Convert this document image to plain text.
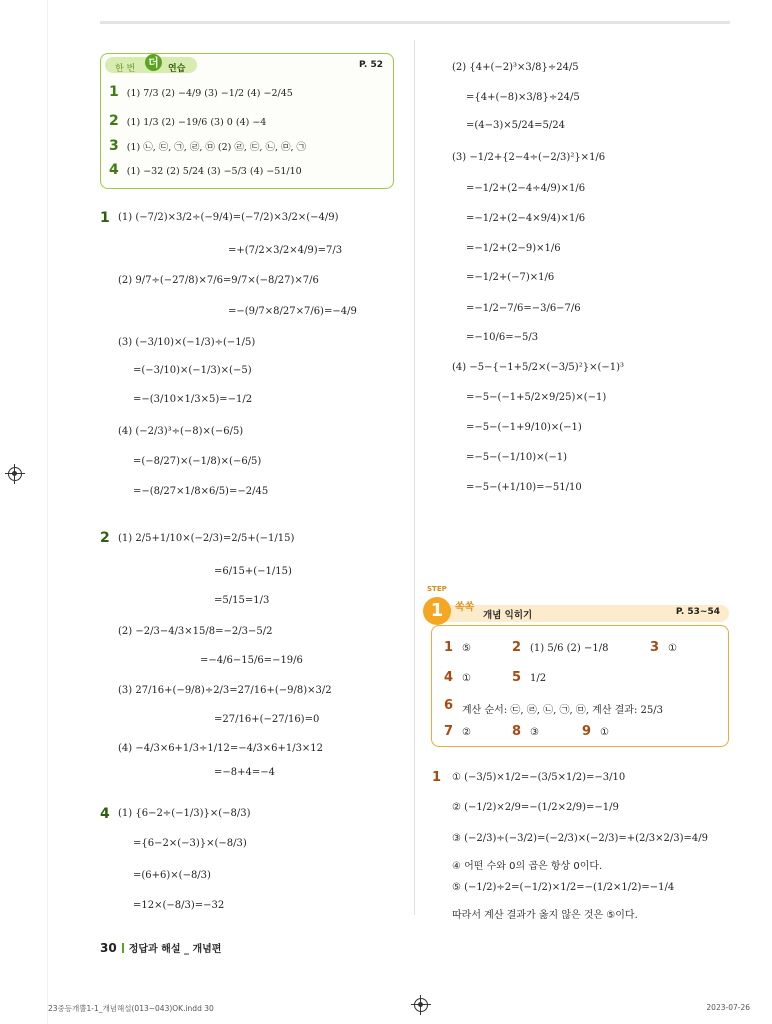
한 번 더	연습	P. 52
1 (1) 7/3 (2) −4/9 (3) −1/2 (4) −2/45
2 (1) 1/3 (2) −19/6 (3) 0 (4) −4
3 (1) ㉡, ㉢, ㉠, ㉣, ㉤ (2) ㉣, ㉢, ㉡, ㉤, ㉠
4 (1) −32 (2) 5/24 (3) −5/3 (4) −51/10
1 (1) (−7/2)×3/2÷(−9/4)=(−7/2)×3/2×(−4/9)
=+(7/2×3/2×4/9)=7/3
(2) 9/7÷(−27/8)×7/6=9/7×(−8/27)×7/6
=−(9/7×8/27×7/6)=−4/9
(3) (−3/10)×(−1/3)÷(−1/5)
=(−3/10)×(−1/3)×(−5)
=−(3/10×1/3×5)=−1/2
(4) (−2/3)³÷(−8)×(−6/5)
=(−8/27)×(−1/8)×(−6/5)
=−(8/27×1/8×6/5)=−2/45
2 (1) 2/5+1/10×(−2/3)=2/5+(−1/15)
=6/15+(−1/15)
=5/15=1/3
(2) −2/3−4/3×15/8=−2/3−5/2
=−4/6−15/6=−19/6
(3) 27/16+(−9/8)÷2/3=27/16+(−9/8)×3/2
=27/16+(−27/16)=0
(4) −4/3×6+1/3÷1/12=−4/3×6+1/3×12
=−8+4=−4
4 (1) {6−2÷(−1/3)}×(−8/3)
={6−2×(−3)}×(−8/3)
=(6+6)×(−8/3)
=12×(−8/3)=−32
(2) {4+(−2)³×3/8}÷24/5
={4+(−8)×3/8}÷24/5
=(4−3)×5/24=5/24
(3) −1/2+{2−4÷(−2/3)²}×1/6
=−1/2+(2−4÷4/9)×1/6
=−1/2+(2−4×9/4)×1/6
=−1/2+(2−9)×1/6
=−1/2+(−7)×1/6
=−1/2−7/6=−3/6−7/6
=−10/6=−5/3
(4) −5−{−1+5/2×(−3/5)²}×(−1)³
=−5−(−1+5/2×9/25)×(−1)
=−5−(−1+9/10)×(−1)
=−5−(−1/10)×(−1)
=−5−(+1/10)=−51/10
STEP
1	쏙쏙
개념 익히기	P. 53~54
1 ⑤	2 (1) 5/6 (2) −1/8	3 ①
4 ①	5 1/2
6 계산 순서: ㉢, ㉣, ㉡, ㉠, ㉤, 계산 결과: 25/3
7 ②	8 ③	9 ①
1 ① (−3/5)×1/2=−(3/5×1/2)=−3/10
② (−1/2)×2/9=−(1/2×2/9)=−1/9
③ (−2/3)÷(−3/2)=(−2/3)×(−2/3)=+(2/3×2/3)=4/9
④ 어떤 수와 0의 곱은 항상 0이다.
⑤ (−1/2)÷2=(−1/2)×1/2=−(1/2×1/2)=−1/4
따라서 계산 결과가 옳지 않은 것은 ⑤이다.
30 정답과 해설 _ 개념편
23중등개뿔1-1_개념해설(013~043)OK.indd 30	2023-07-26
